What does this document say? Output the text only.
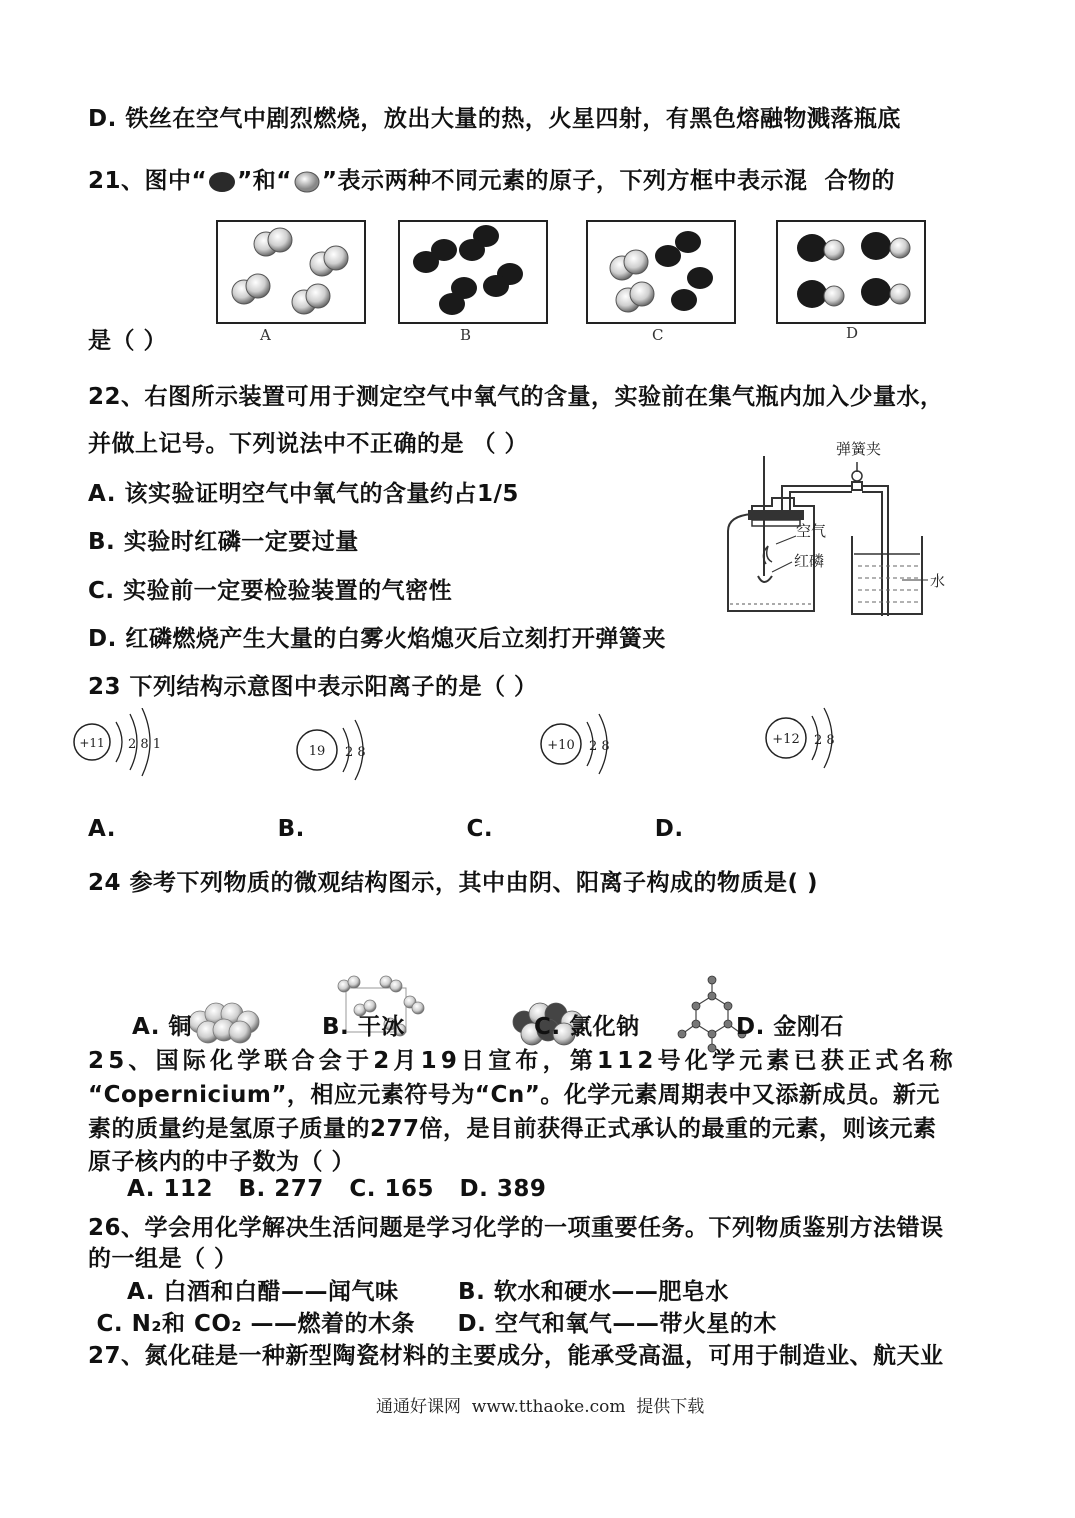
D. 铁丝在空气中剧烈燃烧，放出大量的热，火星四射，有黑色熔融物溅落瓶底
21、图中“ ”和“ ”表示两种不同元素的原子，下列方框中表示混  合物的
A	B	C	D
是（ ）
22、右图所示装置可用于测定空气中氧气的含量，实验前在集气瓶内加入少量水，
并做上记号。下列说法中不正确的是 （ ）
A. 该实验证明空气中氧气的含量约占1/5
B. 实验时红磷一定要过量
C. 实验前一定要检验装置的气密性
D. 红磷燃烧产生大量的白雾火焰熄灭后立刻打开弹簧夹
弹簧夹
空气
红磷
水
23 下列结构示意图中表示阳离子的是（ ）
+11 2 8 1	19 2 8	+10 2 8	+12 2 8
A.                   B.                   C.                   D.
24 参考下列物质的微观结构图示，其中由阴、阳离子构成的物质是( )
A. 铜	B. 干冰	C. 氯化钠	D. 金刚石
25、国际化学联合会于2月19日宣布，第112号化学元素已获正式名称
“Copernicium”，相应元素符号为“Cn”。化学元素周期表中又添新成员。新元
素的质量约是氢原子质量的277倍，是目前获得正式承认的最重的元素，则该元素
原子核内的中子数为（ ）
A. 112   B. 277   C. 165   D. 389
26、学会用化学解决生活问题是学习化学的一项重要任务。下列物质鉴别方法错误
的一组是（ ）
A. 白酒和白醋——闻气味       B. 软水和硬水——肥皂水
C. N₂和 CO₂ ——燃着的木条     D. 空气和氧气——带火星的木
27、氮化硅是一种新型陶瓷材料的主要成分，能承受高温，可用于制造业、航天业
通通好课网  www.tthaoke.com  提供下载
